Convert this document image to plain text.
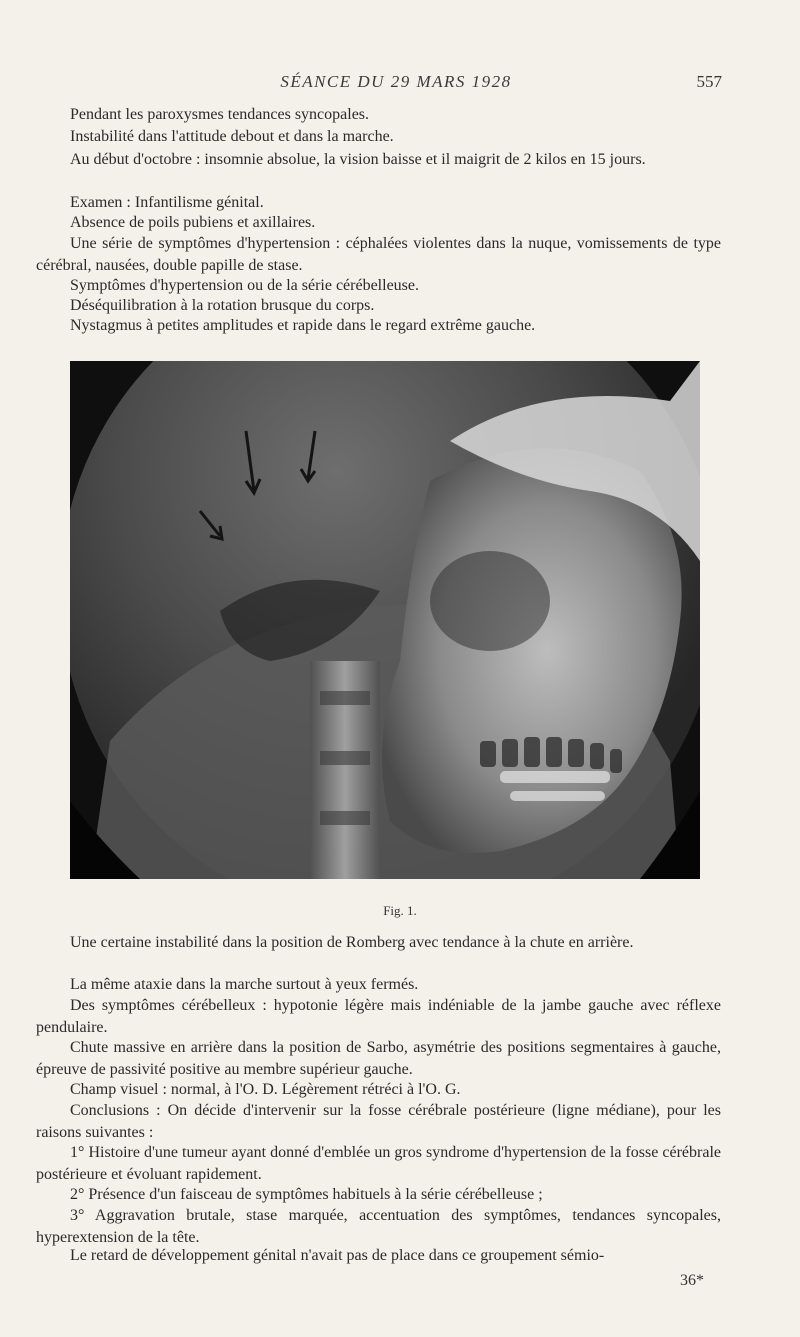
SÉANCE DU 29 MARS 1928	557

Pendant les paroxysmes tendances syncopales.

Instabilité dans l'attitude debout et dans la marche.

Au début d'octobre : insomnie absolue, la vision baisse et il maigrit de 2 kilos en 15 jours.

Examen : Infantilisme génital.

Absence de poils pubiens et axillaires.

Une série de symptômes d'hypertension : céphalées violentes dans la nuque, vomissements de type cérébral, nausées, double papille de stase.

Symptômes d'hypertension ou de la série cérébelleuse.

Déséquilibration à la rotation brusque du corps.

Nystagmus à petites amplitudes et rapide dans le regard extrême gauche.

Fig. 1.

Une certaine instabilité dans la position de Romberg avec tendance à la chute en arrière.

La même ataxie dans la marche surtout à yeux fermés.

Des symptômes cérébelleux : hypotonie légère mais indéniable de la jambe gauche avec réflexe pendulaire.

Chute massive en arrière dans la position de Sarbo, asymétrie des positions segmentaires à gauche, épreuve de passivité positive au membre supérieur gauche.

Champ visuel : normal, à l'O. D. Légèrement rétréci à l'O. G.

Conclusions : On décide d'intervenir sur la fosse cérébrale postérieure (ligne médiane), pour les raisons suivantes :

1° Histoire d'une tumeur ayant donné d'emblée un gros syndrome d'hypertension de la fosse cérébrale postérieure et évoluant rapidement.

2° Présence d'un faisceau de symptômes habituels à la série cérébelleuse ;

3° Aggravation brutale, stase marquée, accentuation des symptômes, tendances syncopales, hyperextension de la tête.

Le retard de développement génital n'avait pas de place dans ce groupement sémio-

36*
